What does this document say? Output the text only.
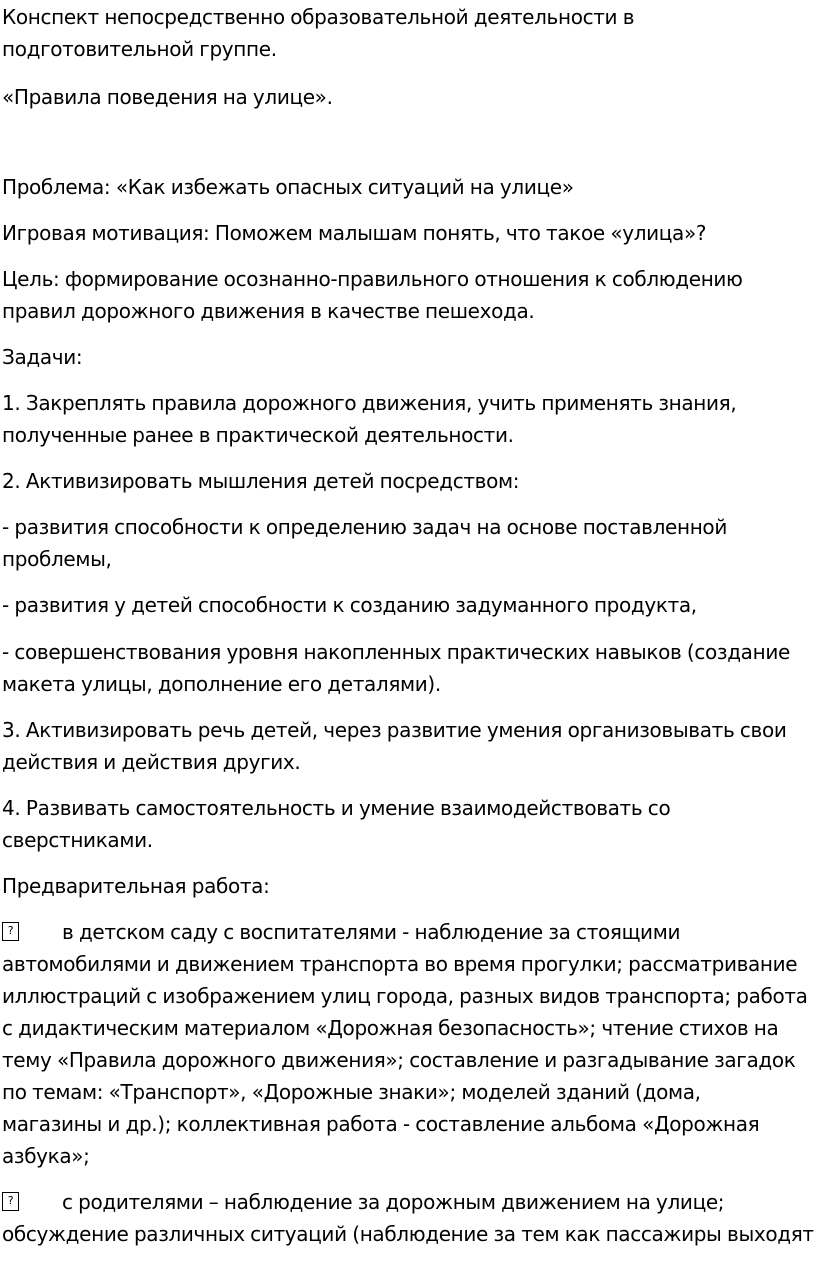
Конспект непосредственно образовательной деятельности в
подготовительной группе.
«Правила поведения на улице».
Проблема: «Как избежать опасных ситуаций на улице»
Игровая мотивация: Поможем малышам понять, что такое «улица»?
Цель: формирование осознанно-правильного отношения к соблюдению
правил дорожного движения в качестве пешехода.
Задачи:
1. Закреплять правила дорожного движения, учить применять знания,
полученные ранее в практической деятельности.
2. Активизировать мышления детей посредством:
- развития способности к определению задач на основе поставленной
проблемы,
- развития у детей способности к созданию задуманного продукта,
- совершенствования уровня накопленных практических навыков (создание
макета улицы, дополнение его деталями).
3. Активизировать речь детей, через развитие умения организовывать свои
действия и действия других.
4. Развивать самостоятельность и умение взаимодействовать со
сверстниками.
Предварительная работа:
?в детском саду с воспитателями - наблюдение за стоящими
автомобилями и движением транспорта во время прогулки; рассматривание
иллюстраций с изображением улиц города, разных видов транспорта; работа
с дидактическим материалом «Дорожная безопасность»; чтение стихов на
тему «Правила дорожного движения»; составление и разгадывание загадок
по темам: «Транспорт», «Дорожные знаки»; моделей зданий (дома,
магазины и др.); коллективная работа - составление альбома «Дорожная
азбука»;
?с родителями – наблюдение за дорожным движением на улице;
обсуждение различных ситуаций (наблюдение за тем как пассажиры выходят
